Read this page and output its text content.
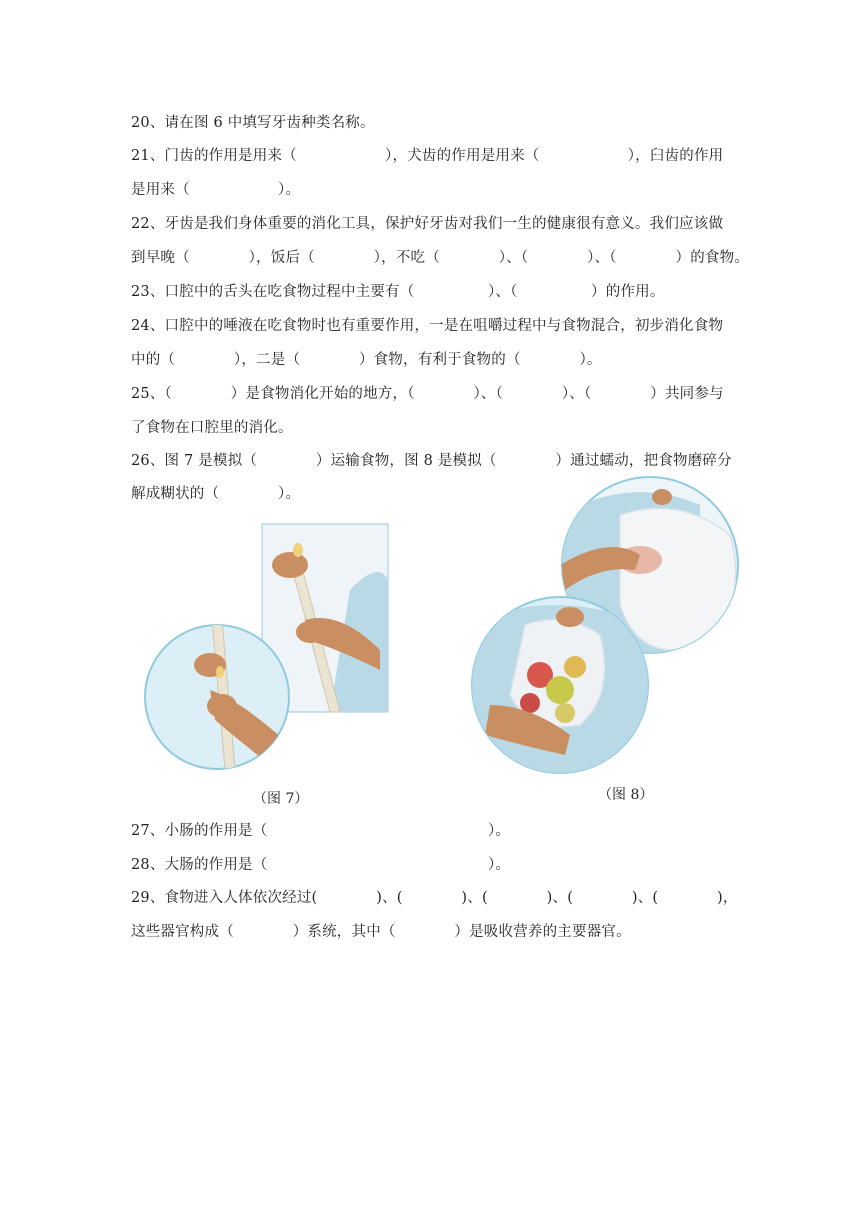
20、请在图 6 中填写牙齿种类名称。
21、门齿的作用是用来（　　　　　　），犬齿的作用是用来（　　　　　　），臼齿的作用
是用来（　　　　　　）。
22、牙齿是我们身体重要的消化工具，保护好牙齿对我们一生的健康很有意义。我们应该做
到早晚（　　　　），饭后（　　　　），不吃（　　　　）、（　　　　）、（　　　　）的食物。
23、口腔中的舌头在吃食物过程中主要有（　　　　　）、（　　　　　）的作用。
24、口腔中的唾液在吃食物时也有重要作用，一是在咀嚼过程中与食物混合，初步消化食物
中的（　　　　），二是（　　　　）食物，有利于食物的（　　　　）。
25、（　　　　）是食物消化开始的地方，（　　　　）、（　　　　）、（　　　　）共同参与
了食物在口腔里的消化。
26、图 7 是模拟（　　　　）运输食物，图 8 是模拟（　　　　）通过蠕动，把食物磨碎分
解成糊状的（　　　　）。
（图 7）	（图 8）
27、小肠的作用是（　　　　　　　　　　　　　　　）。
28、大肠的作用是（　　　　　　　　　　　　　　　）。
29、食物进入人体依次经过(　　　　)、(　　　　)、(　　　　)、(　　　　)、(　　　　)，
这些器官构成（　　　　）系统，其中（　　　　）是吸收营养的主要器官。
